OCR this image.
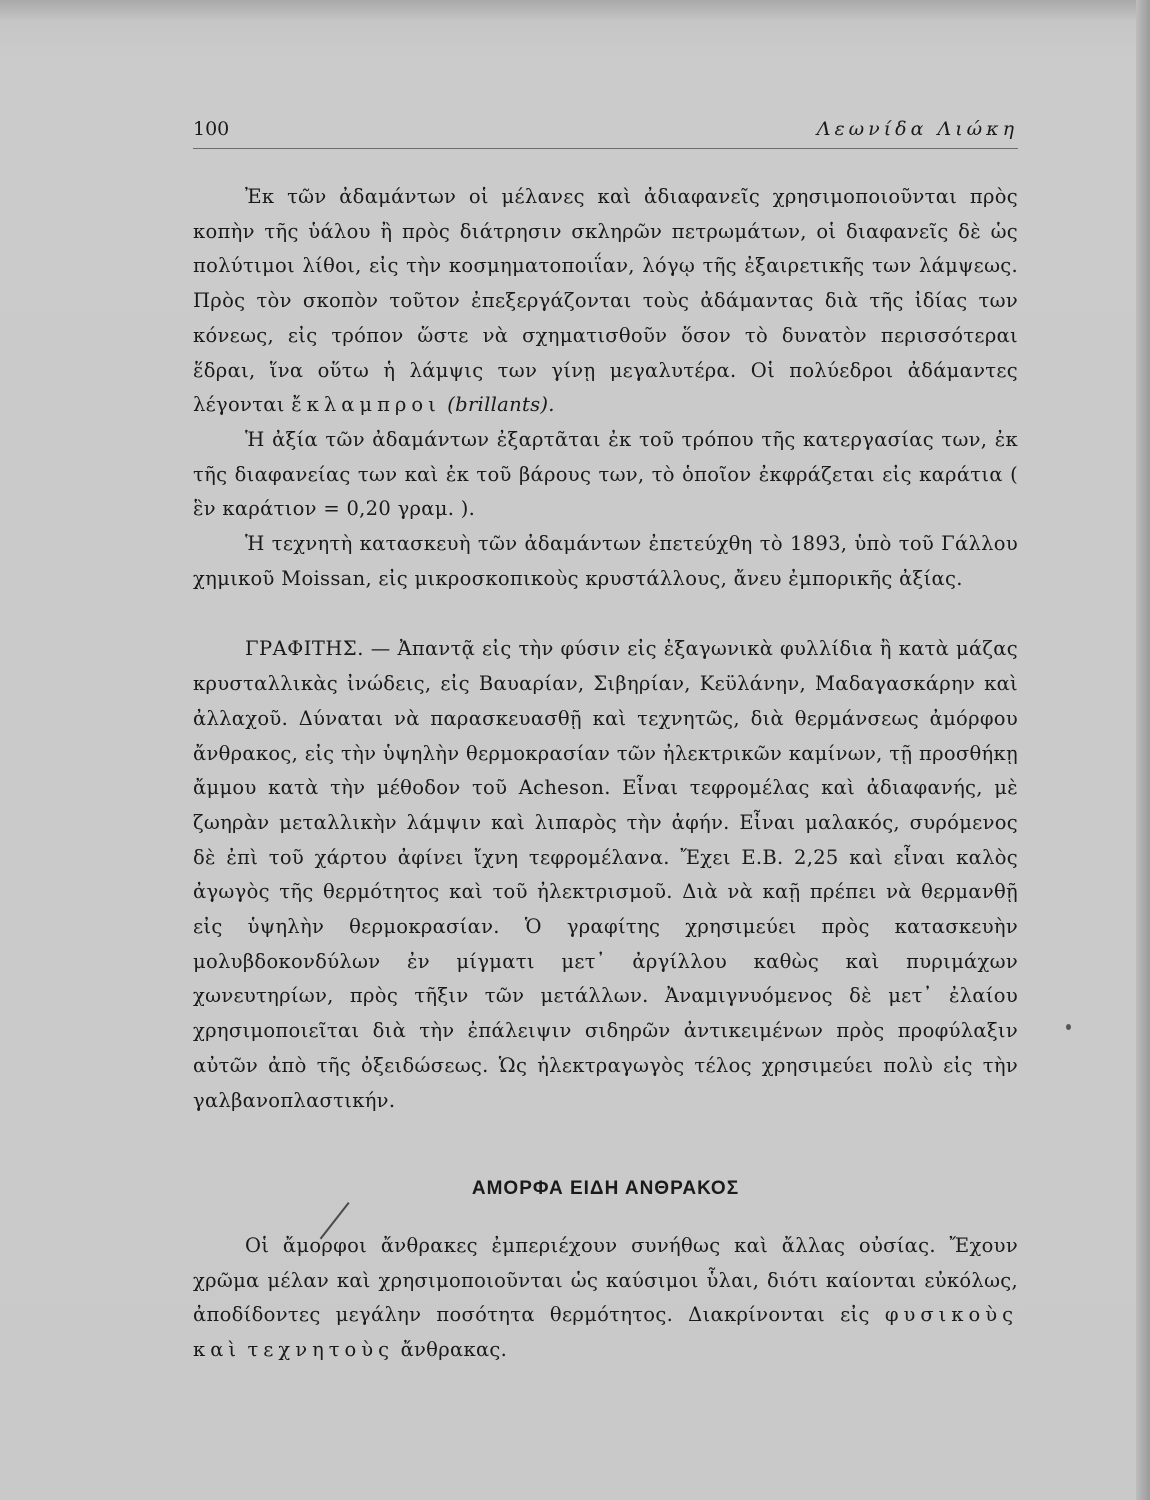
100	Λεωνίδα Λιώκη

Ἐκ τῶν ἀδαμάντων οἱ μέλανες καὶ ἀδιαφανεῖς χρησιμοποιοῦνται πρὸς κοπὴν τῆς ὑάλου ἢ πρὸς διάτρησιν σκληρῶν πετρωμάτων, οἱ διαφανεῖς δὲ ὡς πολύτιμοι λίθοι, εἰς τὴν κοσμηματοποιΐαν, λόγῳ τῆς ἐξαιρετικῆς των λάμψεως. Πρὸς τὸν σκοπὸν τοῦτον ἐπεξεργάζονται τοὺς ἀδάμαντας διὰ τῆς ἰδίας των κόνεως, εἰς τρόπον ὥστε νὰ σχηματισθοῦν ὅσον τὸ δυνατὸν περισσότεραι ἕδραι, ἵνα οὕτω ἡ λάμψις των γίνῃ μεγαλυτέρα. Οἱ πολύεδροι ἀδάμαντες λέγονται ἔκλαμπροι (brillants).

Ἡ ἀξία τῶν ἀδαμάντων ἐξαρτᾶται ἐκ τοῦ τρόπου τῆς κατεργασίας των, ἐκ τῆς διαφανείας των καὶ ἐκ τοῦ βάρους των, τὸ ὁποῖον ἐκφράζεται εἰς καράτια ( ἓν καράτιον = 0,20 γραμ. ).

Ἡ τεχνητὴ κατασκευὴ τῶν ἀδαμάντων ἐπετεύχθη τὸ 1893, ὑπὸ τοῦ Γάλλου χημικοῦ Moissan, εἰς μικροσκοπικοὺς κρυστάλλους, ἄνευ ἐμπορικῆς ἀξίας.

ΓΡΑΦΙΤΗΣ. — Ἀπαντᾷ εἰς τὴν φύσιν εἰς ἑξαγωνικὰ φυλλίδια ἢ κατὰ μάζας κρυσταλλικὰς ἰνώδεις, εἰς Βαυαρίαν, Σιβηρίαν, Κεϋλάνην, Μαδαγασκάρην καὶ ἀλλαχοῦ. Δύναται νὰ παρασκευασθῇ καὶ τεχνητῶς, διὰ θερμάνσεως ἀμόρφου ἄνθρακος, εἰς τὴν ὑψηλὴν θερμοκρασίαν τῶν ἠλεκτρικῶν καμίνων, τῇ προσθήκῃ ἄμμου κατὰ τὴν μέθοδον τοῦ Acheson. Εἶναι τεφρομέλας καὶ ἀδιαφανής, μὲ ζωηρὰν μεταλλικὴν λάμψιν καὶ λιπαρὸς τὴν ἁφήν. Εἶναι μαλακός, συρόμενος δὲ ἐπὶ τοῦ χάρτου ἀφίνει ἴχνη τεφρομέλανα. Ἔχει Ε.Β. 2,25 καὶ εἶναι καλὸς ἀγωγὸς τῆς θερμότητος καὶ τοῦ ἠλεκτρισμοῦ. Διὰ νὰ καῇ πρέπει νὰ θερμανθῇ εἰς ὑψηλὴν θερμοκρασίαν. Ὁ γραφίτης χρησιμεύει πρὸς κατασκευὴν μολυβδοκονδύλων ἐν μίγματι μετ᾽ ἀργίλλου καθὼς καὶ πυριμάχων χωνευτηρίων, πρὸς τῆξιν τῶν μετάλλων. Ἀναμιγνυόμενος δὲ μετ᾽ ἐλαίου χρησιμοποιεῖται διὰ τὴν ἐπάλειψιν σιδηρῶν ἀντικειμένων πρὸς προφύλαξιν αὐτῶν ἀπὸ τῆς ὀξειδώσεως. Ὡς ἠλεκτραγωγὸς τέλος χρησιμεύει πολὺ εἰς τὴν γαλβανοπλαστικήν.

ΑΜΟΡΦΑ ΕΙΔΗ ΑΝΘΡΑΚΟΣ

Οἱ ἄμορφοι ἄνθρακες ἐμπεριέχουν συνήθως καὶ ἄλλας οὐσίας. Ἔχουν χρῶμα μέλαν καὶ χρησιμοποιοῦνται ὡς καύσιμοι ὗλαι, διότι καίονται εὐκόλως, ἀποδίδοντες μεγάλην ποσότητα θερμότητος. Διακρίνονται εἰς φυσικοὺς καὶ τεχνητοὺς ἄνθρακας.
